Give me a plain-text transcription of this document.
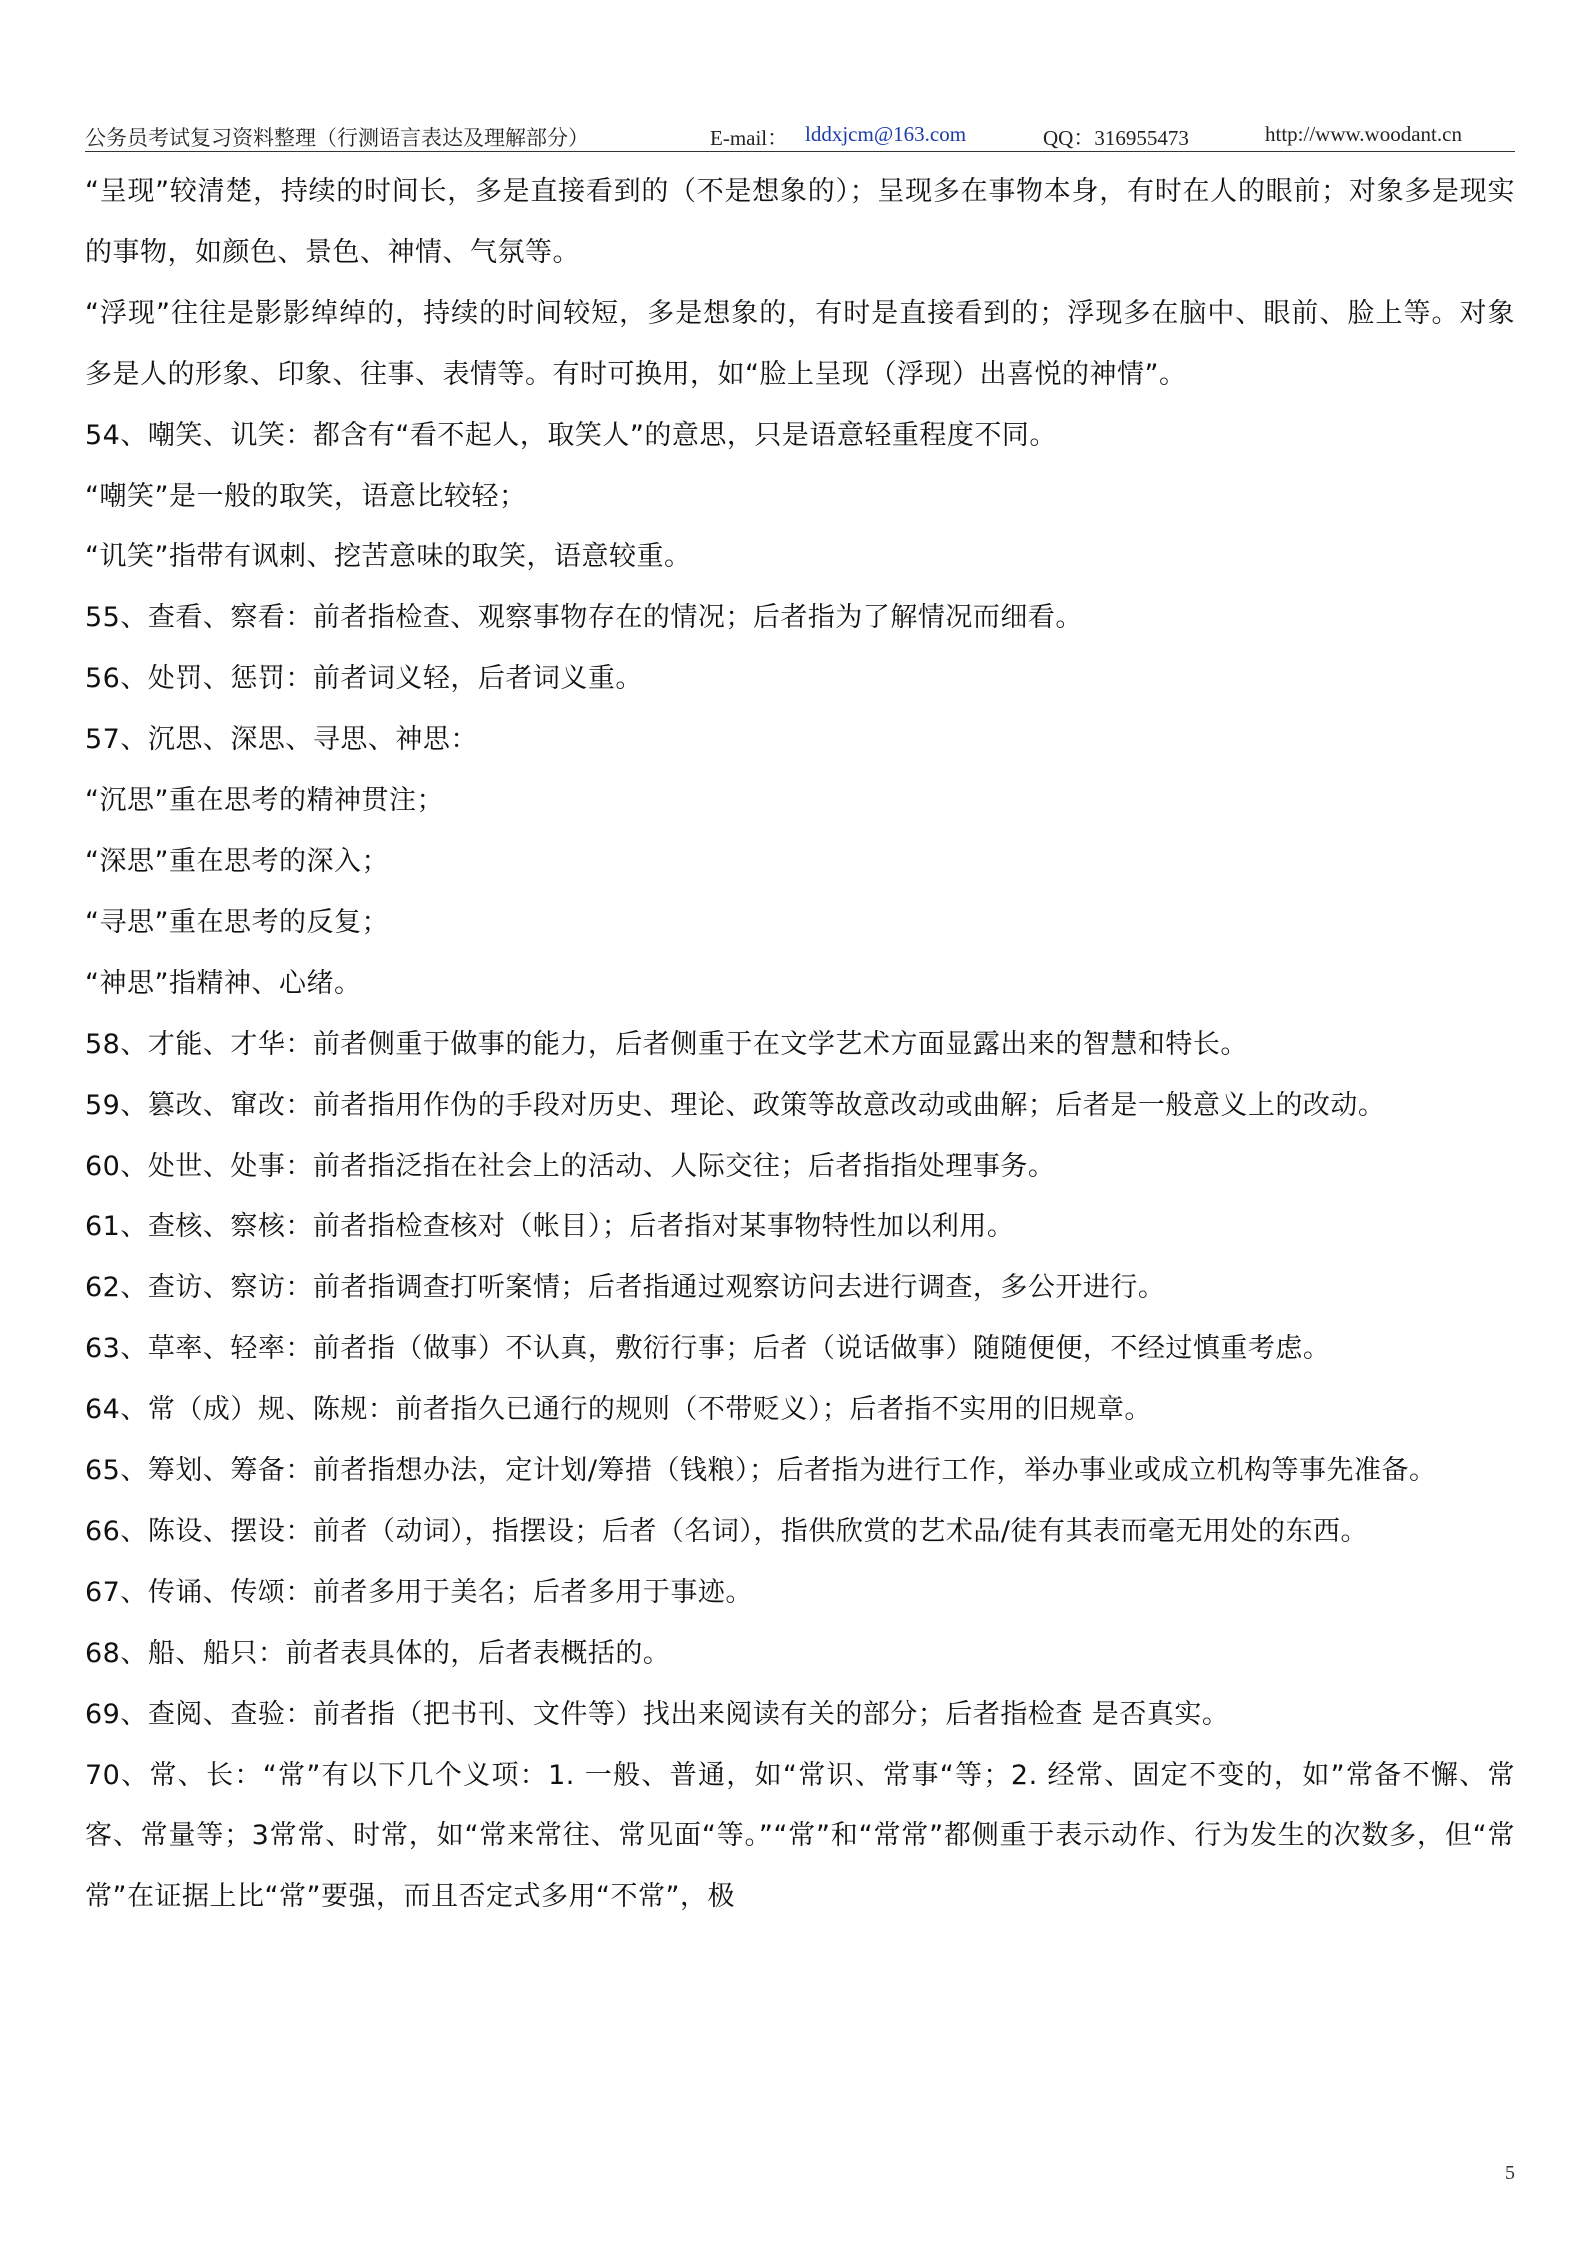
公务员考试复习资料整理（行测语言表达及理解部分）	E-mail： lddxjcm@163.com	QQ：316955473	http://www.woodant.cn

“呈现”较清楚，持续的时间长，多是直接看到的（不是想象的）；呈现多在事物本身，有时在人的眼前；对象多是现实的事物，如颜色、景色、神情、气氛等。

“浮现”往往是影影绰绰的，持续的时间较短，多是想象的，有时是直接看到的；浮现多在脑中、眼前、脸上等。对象多是人的形象、印象、往事、表情等。有时可换用，如“脸上呈现（浮现）出喜悦的神情”。

54、嘲笑、讥笑：都含有“看不起人，取笑人”的意思，只是语意轻重程度不同。

“嘲笑”是一般的取笑，语意比较轻；

“讥笑”指带有讽刺、挖苦意味的取笑，语意较重。

55、查看、察看：前者指检查、观察事物存在的情况；后者指为了解情况而细看。

56、处罚、惩罚：前者词义轻，后者词义重。

57、沉思、深思、寻思、神思：

“沉思”重在思考的精神贯注；

“深思”重在思考的深入；

“寻思”重在思考的反复；

“神思”指精神、心绪。

58、才能、才华：前者侧重于做事的能力，后者侧重于在文学艺术方面显露出来的智慧和特长。

59、篡改、窜改：前者指用作伪的手段对历史、理论、政策等故意改动或曲解；后者是一般意义上的改动。

60、处世、处事：前者指泛指在社会上的活动、人际交往；后者指指处理事务。

61、查核、察核：前者指检查核对（帐目）；后者指对某事物特性加以利用。

62、查访、察访：前者指调查打听案情；后者指通过观察访问去进行调查，多公开进行。

63、草率、轻率：前者指（做事）不认真，敷衍行事；后者（说话做事）随随便便，不经过慎重考虑。

64、常（成）规、陈规：前者指久已通行的规则（不带贬义）；后者指不实用的旧规章。

65、筹划、筹备：前者指想办法，定计划/筹措（钱粮）；后者指为进行工作，举办事业或成立机构等事先准备。

66、陈设、摆设：前者（动词），指摆设；后者（名词），指供欣赏的艺术品/徒有其表而毫无用处的东西。

67、传诵、传颂：前者多用于美名；后者多用于事迹。

68、船、船只：前者表具体的，后者表概括的。

69、查阅、查验：前者指（把书刊、文件等）找出来阅读有关的部分；后者指检查 是否真实。

70、常、长：“常”有以下几个义项：1. 一般、普通，如“常识、常事“等；2. 经常、固定不变的，如”常备不懈、常客、常量等；3常常、时常，如“常来常往、常见面“等。”“常”和“常常”都侧重于表示动作、行为发生的次数多，但“常常”在证据上比“常”要强，而且否定式多用“不常”，极

5
